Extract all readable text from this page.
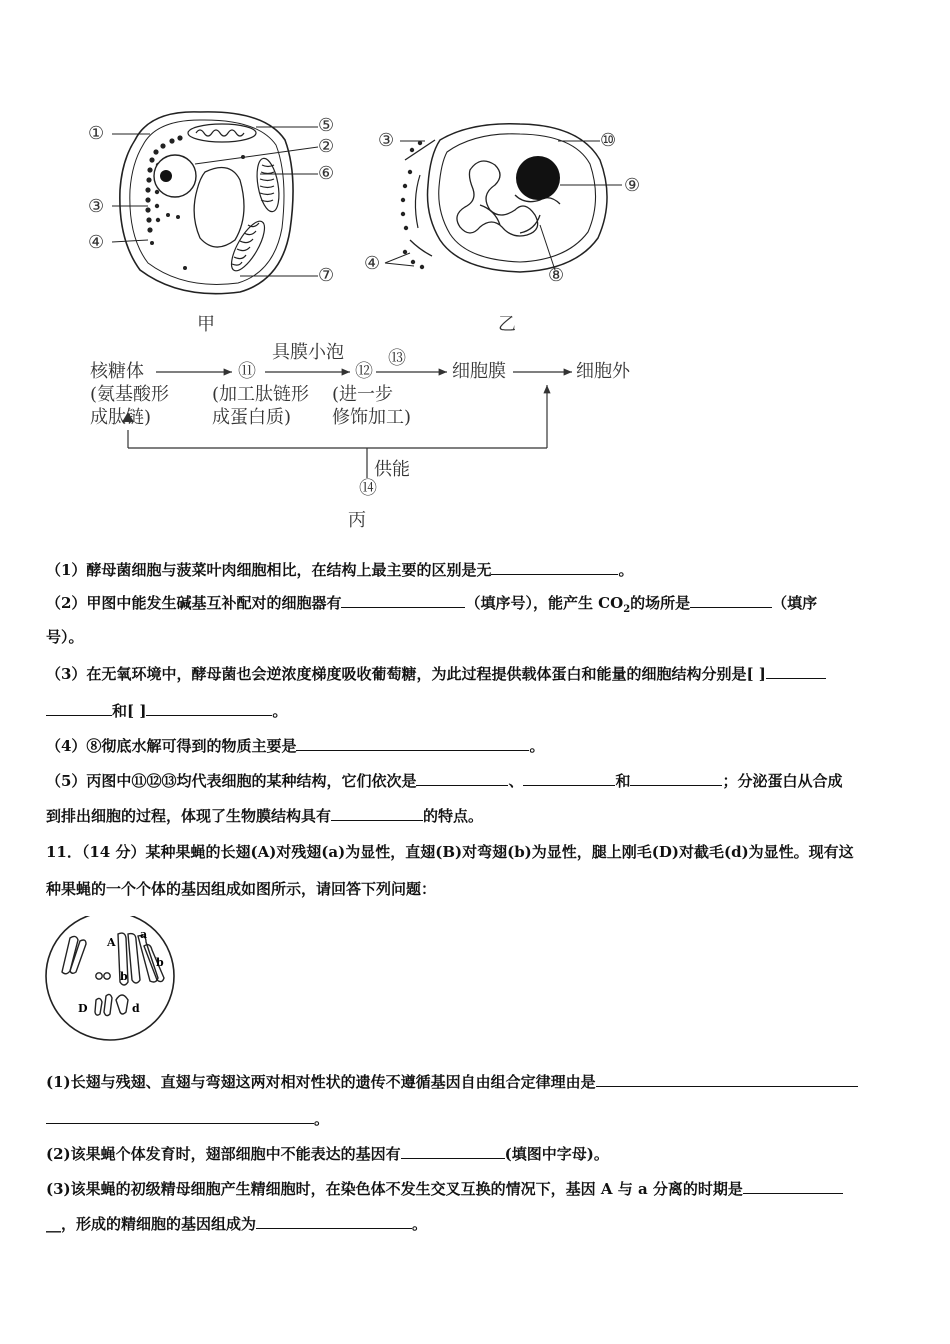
①	⑤
②
⑥
③
④
⑦
甲
③	⑩
⑨
④
⑧
乙
核糖体
(氨基酸形
成肽链)
⑪
(加工肽链形
成蛋白质)
具膜小泡
⑫
(进一步
修饰加工)
⑬
细胞膜	细胞外
供能
⑭
丙
（1）酵母菌细胞与菠菜叶肉细胞相比，在结构上最主要的区别是无	。
（2）甲图中能发生碱基互补配对的细胞器有	（填序号），能产生 $CO_2$的场所是	（填序
号）。
（3）在无氧环境中，酵母菌也会逆浓度梯度吸收葡萄糖，为此过程提供载体蛋白和能量的细胞结构分别是[ ]
和[ ]	。
（4）⑧彻底水解可得到的物质主要是	。
（5）丙图中⑪⑫⑬均代表细胞的某种结构，它们依次是	、	和	；分泌蛋白从合成
到排出细胞的过程，体现了生物膜结构具有	的特点。
11．（14 分）某种果蝇的长翅(A)对残翅(a)为显性，直翅(B)对弯翅(b)为显性，腿上刚毛(D)对截毛(d)为显性。现有这
种果蝇的一个个体的基因组成如图所示，请回答下列问题：
A
a
b
b
D	d
(1)长翅与残翅、直翅与弯翅这两对相对性状的遗传不遵循基因自由组合定律理由是
。
(2)该果蝇个体发育时，翅部细胞中不能表达的基因有	(填图中字母)。
(3)该果蝇的初级精母细胞产生精细胞时，在染色体不发生交叉互换的情况下，基因 A 与 a 分离的时期是
__，形成的精细胞的基因组成为	。
